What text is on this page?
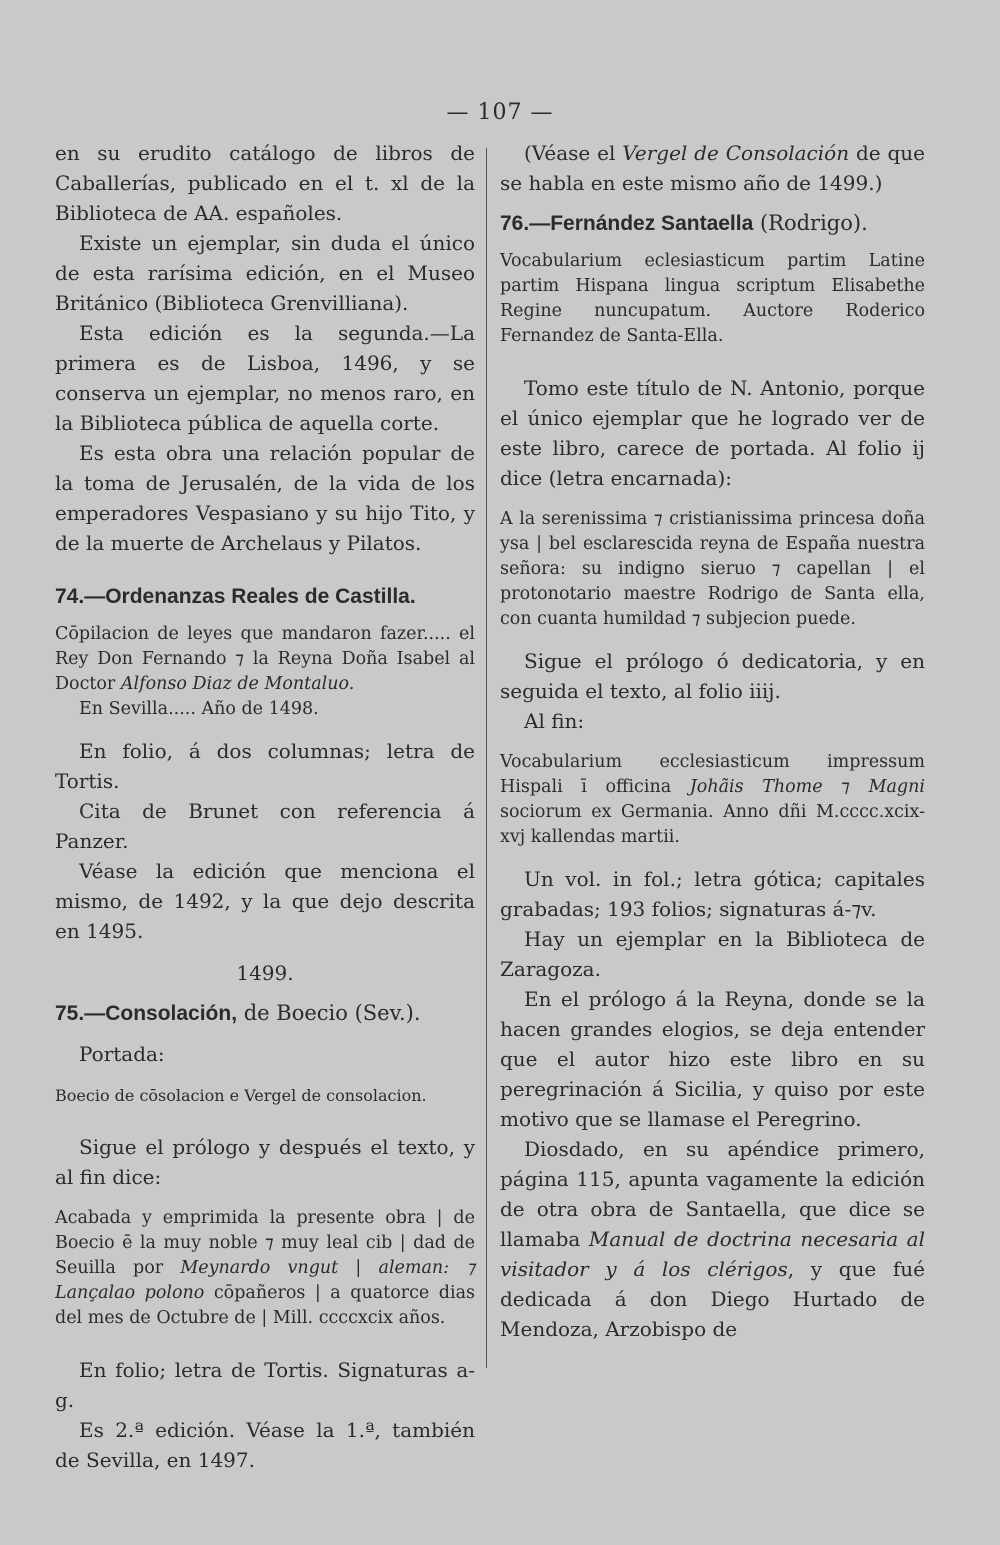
— 107 —

en su erudito catálogo de libros de Caballerías, publicado en el t. xl de la Biblioteca de AA. españoles.

Existe un ejemplar, sin duda el único de esta rarísima edición, en el Museo Británico (Biblioteca Grenvilliana).

Esta edición es la segunda.—La primera es de Lisboa, 1496, y se conserva un ejemplar, no menos raro, en la Biblioteca pública de aquella corte.

Es esta obra una relación popular de la toma de Jerusalén, de la vida de los emperadores Vespasiano y su hijo Tito, y de la muerte de Archelaus y Pilatos.

74.—Ordenanzas Reales de Castilla.

Cōpilacion de leyes que mandaron fazer..... el Rey Don Fernando ⁊ la Reyna Doña Isabel al Doctor Alfonso Diaz de Montaluo.

En Sevilla..... Año de 1498.

En folio, á dos columnas; letra de Tortis.

Cita de Brunet con referencia á Panzer.

Véase la edición que menciona el mismo, de 1492, y la que dejo descrita en 1495.

1499.
75.—Consolación, de Boecio (Sev.).

Portada:

Boecio de cōsolacion e Vergel de consolacion.

Sigue el prólogo y después el texto, y al fin dice:

Acabada y emprimida la presente obra | de Boecio ē la muy noble ⁊ muy leal cib | dad de Seuilla por Meynardo vngut | aleman: ⁊ Lançalao polono cōpañeros | a quatorce dias del mes de Octubre de | Mill. ccccxcix años.

En folio; letra de Tortis. Signaturas a-g.

Es 2.ª edición. Véase la 1.ª, también de Sevilla, en 1497.

(Véase el Vergel de Consolación de que se habla en este mismo año de 1499.)

76.—Fernández Santaella (Rodrigo).

Vocabularium eclesiasticum partim Latine partim Hispana lingua scriptum Elisabethe Regine nuncupatum. Auctore Roderico Fernandez de Santa-Ella.

Tomo este título de N. Antonio, porque el único ejemplar que he logrado ver de este libro, carece de portada. Al folio ij dice (letra encarnada):

A la serenissima ⁊ cristianissima princesa doña ysa | bel esclarescida reyna de España nuestra señora: su indigno sieruo ⁊ capellan | el protonotario maestre Rodrigo de Santa ella, con cuanta humildad ⁊ subjecion puede.

Sigue el prólogo ó dedicatoria, y en seguida el texto, al folio iiij.

Al fin:

Vocabularium ecclesiasticum impressum Hispali ī officina Johãis Thome ⁊ Magni sociorum ex Germania. Anno dñi M.cccc.xcix-xvj kallendas martii.

Un vol. in fol.; letra gótica; capitales grabadas; 193 folios; signaturas á-⁊v.

Hay un ejemplar en la Biblioteca de Zaragoza.

En el prólogo á la Reyna, donde se la hacen grandes elogios, se deja entender que el autor hizo este libro en su peregrinación á Sicilia, y quiso por este motivo que se llamase el Peregrino.

Diosdado, en su apéndice primero, página 115, apunta vagamente la edición de otra obra de Santaella, que dice se llamaba Manual de doctrina necesaria al visitador y á los clérigos, y que fué dedicada á don Diego Hurtado de Mendoza, Arzobispo de
